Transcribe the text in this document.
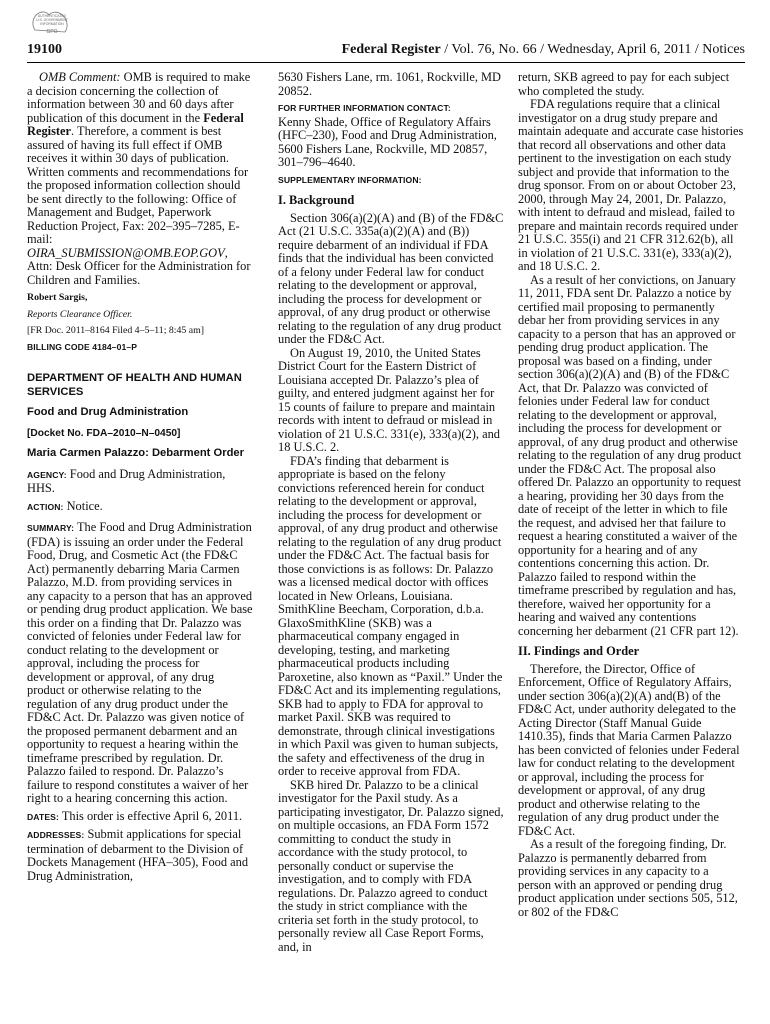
AUTHENTICATED
U.S. GOVERNMENT
INFORMATION
GPO
19100	Federal Register / Vol. 76, No. 66 / Wednesday, April 6, 2011 / Notices

OMB Comment: OMB is required to make a decision concerning the collection of information between 30 and 60 days after publication of this document in the Federal Register. Therefore, a comment is best assured of having its full effect if OMB receives it within 30 days of publication. Written comments and recommendations for the proposed information collection should be sent directly to the following: Office of Management and Budget, Paperwork Reduction Project, Fax: 202–395–7285, E-mail: OIRA_SUBMISSION@OMB.EOP.GOV, Attn: Desk Officer for the Administration for Children and Families.

Robert Sargis,

Reports Clearance Officer.

[FR Doc. 2011–8164 Filed 4–5–11; 8:45 am]

BILLING CODE 4184–01–P

DEPARTMENT OF HEALTH AND HUMAN SERVICES

Food and Drug Administration

[Docket No. FDA–2010–N–0450]

Maria Carmen Palazzo: Debarment Order

AGENCY: Food and Drug Administration, HHS.

ACTION: Notice.

SUMMARY: The Food and Drug Administration (FDA) is issuing an order under the Federal Food, Drug, and Cosmetic Act (the FD&C Act) permanently debarring Maria Carmen Palazzo, M.D. from providing services in any capacity to a person that has an approved or pending drug product application. We base this order on a finding that Dr. Palazzo was convicted of felonies under Federal law for conduct relating to the development or approval, including the process for development or approval, of any drug product or otherwise relating to the regulation of any drug product under the FD&C Act. Dr. Palazzo was given notice of the proposed permanent debarment and an opportunity to request a hearing within the timeframe prescribed by regulation. Dr. Palazzo failed to respond. Dr. Palazzo’s failure to respond constitutes a waiver of her right to a hearing concerning this action.

DATES: This order is effective April 6, 2011.

ADDRESSES: Submit applications for special termination of debarment to the Division of Dockets Management (HFA–305), Food and Drug Administration,

5630 Fishers Lane, rm. 1061, Rockville, MD 20852.

FOR FURTHER INFORMATION CONTACT:

Kenny Shade, Office of Regulatory Affairs (HFC–230), Food and Drug Administration, 5600 Fishers Lane, Rockville, MD 20857, 301–796–4640.

SUPPLEMENTARY INFORMATION:

I. Background

Section 306(a)(2)(A) and (B) of the FD&C Act (21 U.S.C. 335a(a)(2)(A) and (B)) require debarment of an individual if FDA finds that the individual has been convicted of a felony under Federal law for conduct relating to the development or approval, including the process for development or approval, of any drug product or otherwise relating to the regulation of any drug product under the FD&C Act.

On August 19, 2010, the United States District Court for the Eastern District of Louisiana accepted Dr. Palazzo’s plea of guilty, and entered judgment against her for 15 counts of failure to prepare and maintain records with intent to defraud or mislead in violation of 21 U.S.C. 331(e), 333(a)(2), and 18 U.S.C. 2.

FDA’s finding that debarment is appropriate is based on the felony convictions referenced herein for conduct relating to the development or approval, including the process for development or approval, of any drug product and otherwise relating to the regulation of any drug product under the FD&C Act. The factual basis for those convictions is as follows: Dr. Palazzo was a licensed medical doctor with offices located in New Orleans, Louisiana. SmithKline Beecham, Corporation, d.b.a. GlaxoSmithKline (SKB) was a pharmaceutical company engaged in developing, testing, and marketing pharmaceutical products including Paroxetine, also known as “Paxil.” Under the FD&C Act and its implementing regulations, SKB had to apply to FDA for approval to market Paxil. SKB was required to demonstrate, through clinical investigations in which Paxil was given to human subjects, the safety and effectiveness of the drug in order to receive approval from FDA.

SKB hired Dr. Palazzo to be a clinical investigator for the Paxil study. As a participating investigator, Dr. Palazzo signed, on multiple occasions, an FDA Form 1572 committing to conduct the study in accordance with the study protocol, to personally conduct or supervise the investigation, and to comply with FDA regulations. Dr. Palazzo agreed to conduct the study in strict compliance with the criteria set forth in the study protocol, to personally review all Case Report Forms, and, in

return, SKB agreed to pay for each subject who completed the study.

FDA regulations require that a clinical investigator on a drug study prepare and maintain adequate and accurate case histories that record all observations and other data pertinent to the investigation on each study subject and provide that information to the drug sponsor. From on or about October 23, 2000, through May 24, 2001, Dr. Palazzo, with intent to defraud and mislead, failed to prepare and maintain records required under 21 U.S.C. 355(i) and 21 CFR 312.62(b), all in violation of 21 U.S.C. 331(e), 333(a)(2), and 18 U.S.C. 2.

As a result of her convictions, on January 11, 2011, FDA sent Dr. Palazzo a notice by certified mail proposing to permanently debar her from providing services in any capacity to a person that has an approved or pending drug product application. The proposal was based on a finding, under section 306(a)(2)(A) and (B) of the FD&C Act, that Dr. Palazzo was convicted of felonies under Federal law for conduct relating to the development or approval, including the process for development or approval, of any drug product and otherwise relating to the regulation of any drug product under the FD&C Act. The proposal also offered Dr. Palazzo an opportunity to request a hearing, providing her 30 days from the date of receipt of the letter in which to file the request, and advised her that failure to request a hearing constituted a waiver of the opportunity for a hearing and of any contentions concerning this action. Dr. Palazzo failed to respond within the timeframe prescribed by regulation and has, therefore, waived her opportunity for a hearing and waived any contentions concerning her debarment (21 CFR part 12).

II. Findings and Order

Therefore, the Director, Office of Enforcement, Office of Regulatory Affairs, under section 306(a)(2)(A) and(B) of the FD&C Act, under authority delegated to the Acting Director (Staff Manual Guide 1410.35), finds that Maria Carmen Palazzo has been convicted of felonies under Federal law for conduct relating to the development or approval, including the process for development or approval, of any drug product and otherwise relating to the regulation of any drug product under the FD&C Act.

As a result of the foregoing finding, Dr. Palazzo is permanently debarred from providing services in any capacity to a person with an approved or pending drug product application under sections 505, 512, or 802 of the FD&C
